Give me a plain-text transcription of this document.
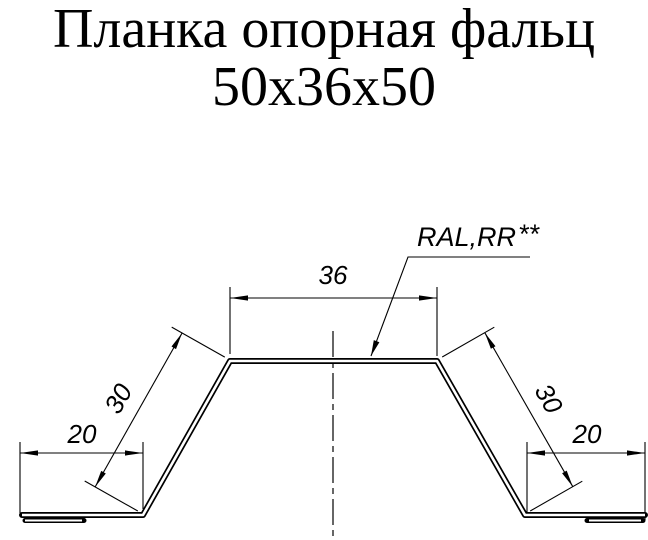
Планка опорная фальц
50x36x50
36
20
30	30
20
RAL,RR**
